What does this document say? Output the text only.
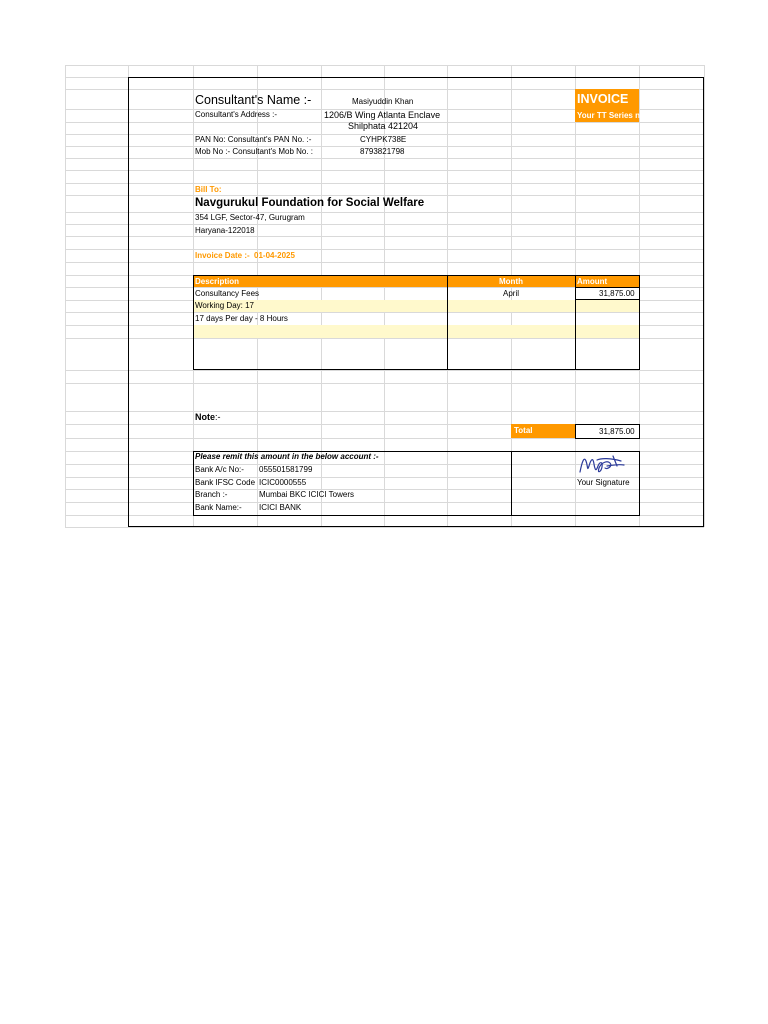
Consultant's Name :-	Masiyuddin Khan	INVOICE
Your TT Series n
Consultant's Address :-	1206/B Wing Atlanta Enclave
Shilphata 421204
PAN No: Consultant's PAN No. :-	CYHPK738E
Mob No :- Consultant's Mob No. :	8793821798
Bill To:
Navgurukul Foundation for Social Welfare
354 LGF, Sector-47, Gurugram
Haryana-122018
Invoice Date :- 01-04-2025
Description	Month	Amount
Consultancy Fees	April	31,875.00
Working Day: 17
17 days Per day - 8 Hours
Note:-
Total	31,875.00
Please remit this amount in the below account :-
Bank A/c No:- 055501581799
Bank IFSC Code ICIC0000555
Branch :-	Mumbai BKC ICICI Towers
Bank Name:- ICICI BANK
Your Signature
